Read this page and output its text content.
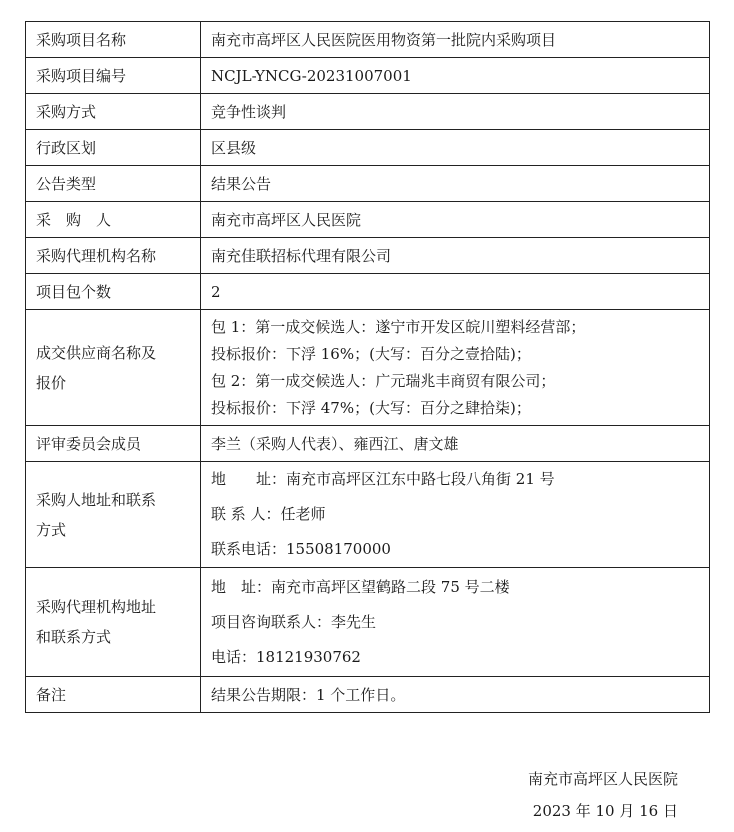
采购项目名称	南充市高坪区人民医院医用物资第一批院内采购项目
采购项目编号	NCJL-YNCG-20231007001
采购方式	竞争性谈判
行政区划	区县级
公告类型	结果公告
采　购　人	南充市高坪区人民医院
采购代理机构名称	南充佳联招标代理有限公司
项目包个数	2

成交供应商名称及
报价	包 1：第一成交候选人：遂宁市开发区皖川塑料经营部；
投标报价：下浮 16%；(大写：百分之壹拾陆)；
包 2：第一成交候选人：广元瑞兆丰商贸有限公司；
投标报价：下浮 47%；(大写：百分之肆拾柒)；

评审委员会成员	李兰（采购人代表）、雍西江、唐文雄

采购人地址和联系
方式	地　　址：南充市高坪区江东中路七段八角街 21 号
联 系 人：任老师
联系电话：15508170000

采购代理机构地址
和联系方式	地　址：南充市高坪区望鹤路二段 75 号二楼
项目咨询联系人：李先生
电话：18121930762

备注	结果公告期限：1 个工作日。
南充市高坪区人民医院
2023 年 10 月 16 日
